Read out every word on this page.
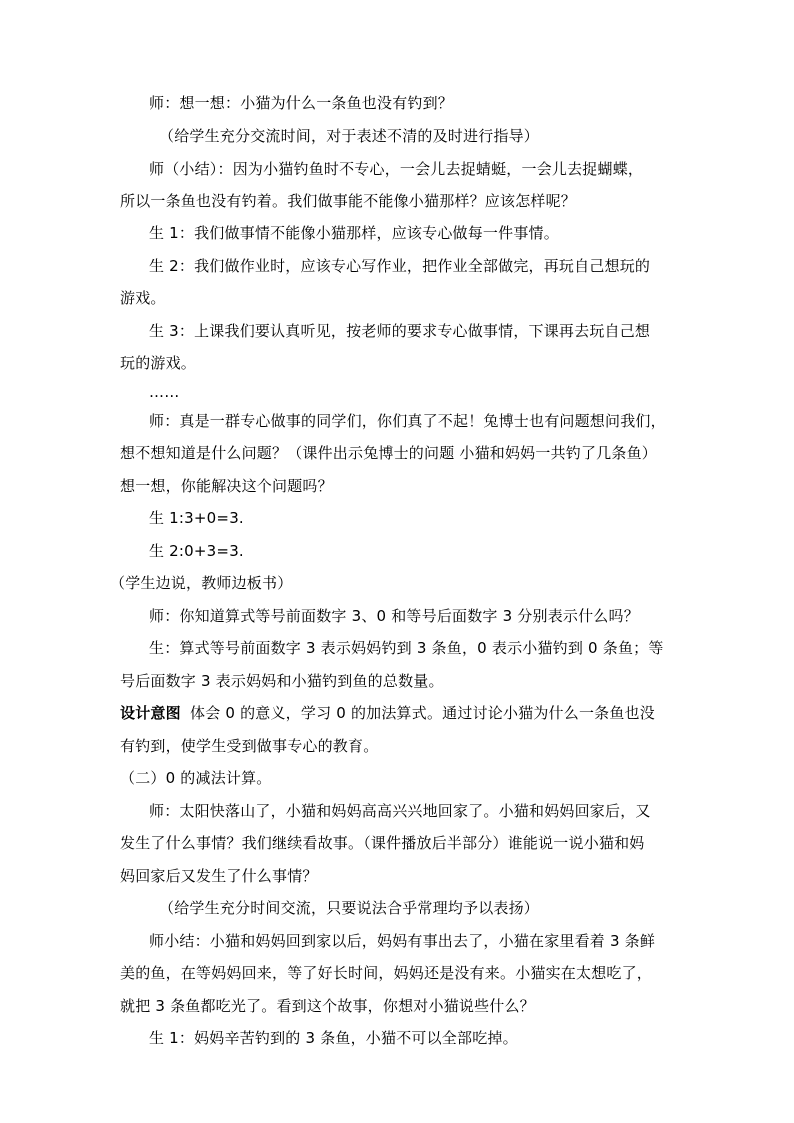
师：想一想：小猫为什么一条鱼也没有钓到？
（给学生充分交流时间，对于表述不清的及时进行指导）
师（小结）：因为小猫钓鱼时不专心，一会儿去捉蜻蜓，一会儿去捉蝴蝶，
所以一条鱼也没有钓着。我们做事能不能像小猫那样？应该怎样呢？
生 1：我们做事情不能像小猫那样，应该专心做每一件事情。
生 2：我们做作业时，应该专心写作业，把作业全部做完，再玩自己想玩的
游戏。
生 3：上课我们要认真听见，按老师的要求专心做事情，下课再去玩自己想
玩的游戏。
……
师：真是一群专心做事的同学们，你们真了不起！兔博士也有问题想问我们，
想不想知道是什么问题？（课件出示兔博士的问题 小猫和妈妈一共钓了几条鱼）
想一想，你能解决这个问题吗？
生 1:3+0=3.
生 2:0+3=3.
（学生边说，教师边板书）
师：你知道算式等号前面数字 3、0 和等号后面数字 3 分别表示什么吗？
生：算式等号前面数字 3 表示妈妈钓到 3 条鱼，0 表示小猫钓到 0 条鱼；等
号后面数字 3 表示妈妈和小猫钓到鱼的总数量。
设计意图 体会 0 的意义，学习 0 的加法算式。通过讨论小猫为什么一条鱼也没
有钓到，使学生受到做事专心的教育。
（二）0 的减法计算。
师：太阳快落山了，小猫和妈妈高高兴兴地回家了。小猫和妈妈回家后，又
发生了什么事情？我们继续看故事。（课件播放后半部分）谁能说一说小猫和妈
妈回家后又发生了什么事情？
（给学生充分时间交流，只要说法合乎常理均予以表扬）
师小结：小猫和妈妈回到家以后，妈妈有事出去了，小猫在家里看着 3 条鲜
美的鱼，在等妈妈回来，等了好长时间，妈妈还是没有来。小猫实在太想吃了，
就把 3 条鱼都吃光了。看到这个故事，你想对小猫说些什么？
生 1：妈妈辛苦钓到的 3 条鱼，小猫不可以全部吃掉。
